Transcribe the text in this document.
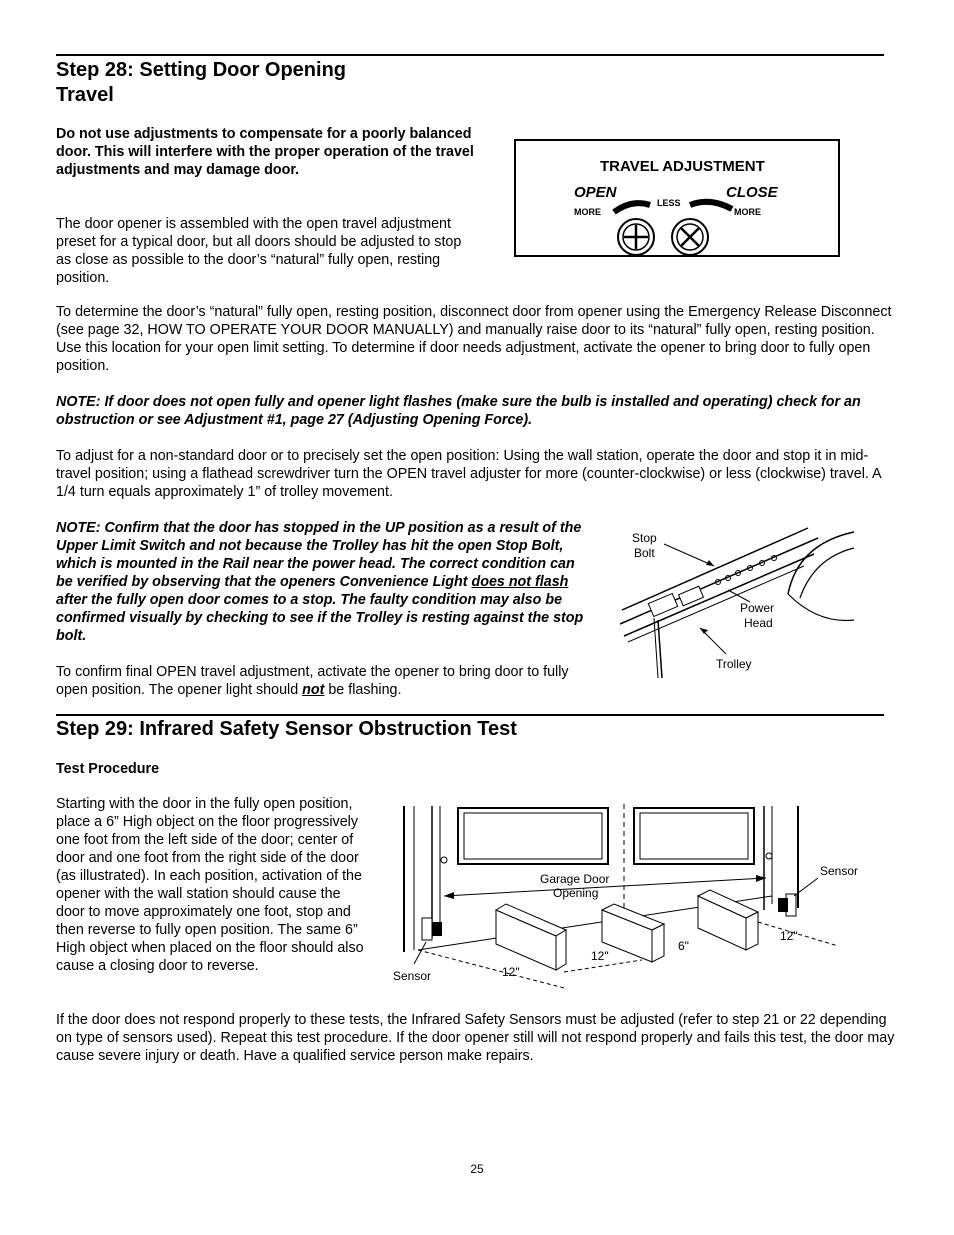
Step 28: Setting Door Opening
Travel

Do not use adjustments to compensate for a poorly balanced door. This will interfere with the proper operation of the travel adjustments and may damage door.

The door opener is assembled with the open travel adjustment preset for a typical door, but all doors should be adjusted to stop as close as possible to the door’s “natural” fully open, resting position.

TRAVEL ADJUSTMENT
OPEN	CLOSE
MORE
LESS
MORE

To determine the door’s “natural” fully open, resting position, disconnect door from opener using the Emergency Release Disconnect (see page 32, HOW TO OPERATE YOUR DOOR MANUALLY) and manually raise door to its “natural” fully open, resting position. Use this location for your open limit setting. To determine if door needs adjustment, activate the opener to bring door to fully open position.

NOTE: If door does not open fully and opener light flashes (make sure the bulb is installed and operating) check for an obstruction or see Adjustment #1, page 27 (Adjusting Opening Force).

To adjust for a non-standard door or to precisely set the open position: Using the wall station, operate the door and stop it in mid-travel position; using a flathead screwdriver turn the OPEN travel adjuster for more (counter-clockwise) or less (clockwise) travel. A 1/4 turn equals approximately 1” of trolley movement.

NOTE: Confirm that the door has stopped in the UP position as a result of the Upper Limit Switch and not because the Trolley has hit the open Stop Bolt, which is mounted in the Rail near the power head. The correct condition can be verified by observing that the openers Convenience Light does not flash after the fully open door comes to a stop. The faulty condition may also be confirmed visually by checking to see if the Trolley is resting against the stop bolt.

Stop
Bolt
Power
Head
Trolley

To confirm final OPEN travel adjustment, activate the opener to bring door to fully open position. The opener light should not be flashing.

Step 29: Infrared Safety Sensor Obstruction Test

Test Procedure

Starting with the door in the fully open position, place a 6” High object on the floor progressively one foot from the left side of the door; center of door and one foot from the right side of the door (as illustrated). In each position, activation of the opener with the wall station should cause the door to move approximately one foot, stop and then reverse to fully open position. The same 6” High object when placed on the floor should also cause a closing door to reverse.

Garage Door
Opening
Sensor
Sensor	12"
12"
6"
12"

If the door does not respond properly to these tests, the Infrared Safety Sensors must be adjusted (refer to step 21 or 22 depending on type of sensors used). Repeat this test procedure. If the door opener still will not respond properly and fails this test, the door may cause severe injury or death. Have a qualified service person make repairs.

25
